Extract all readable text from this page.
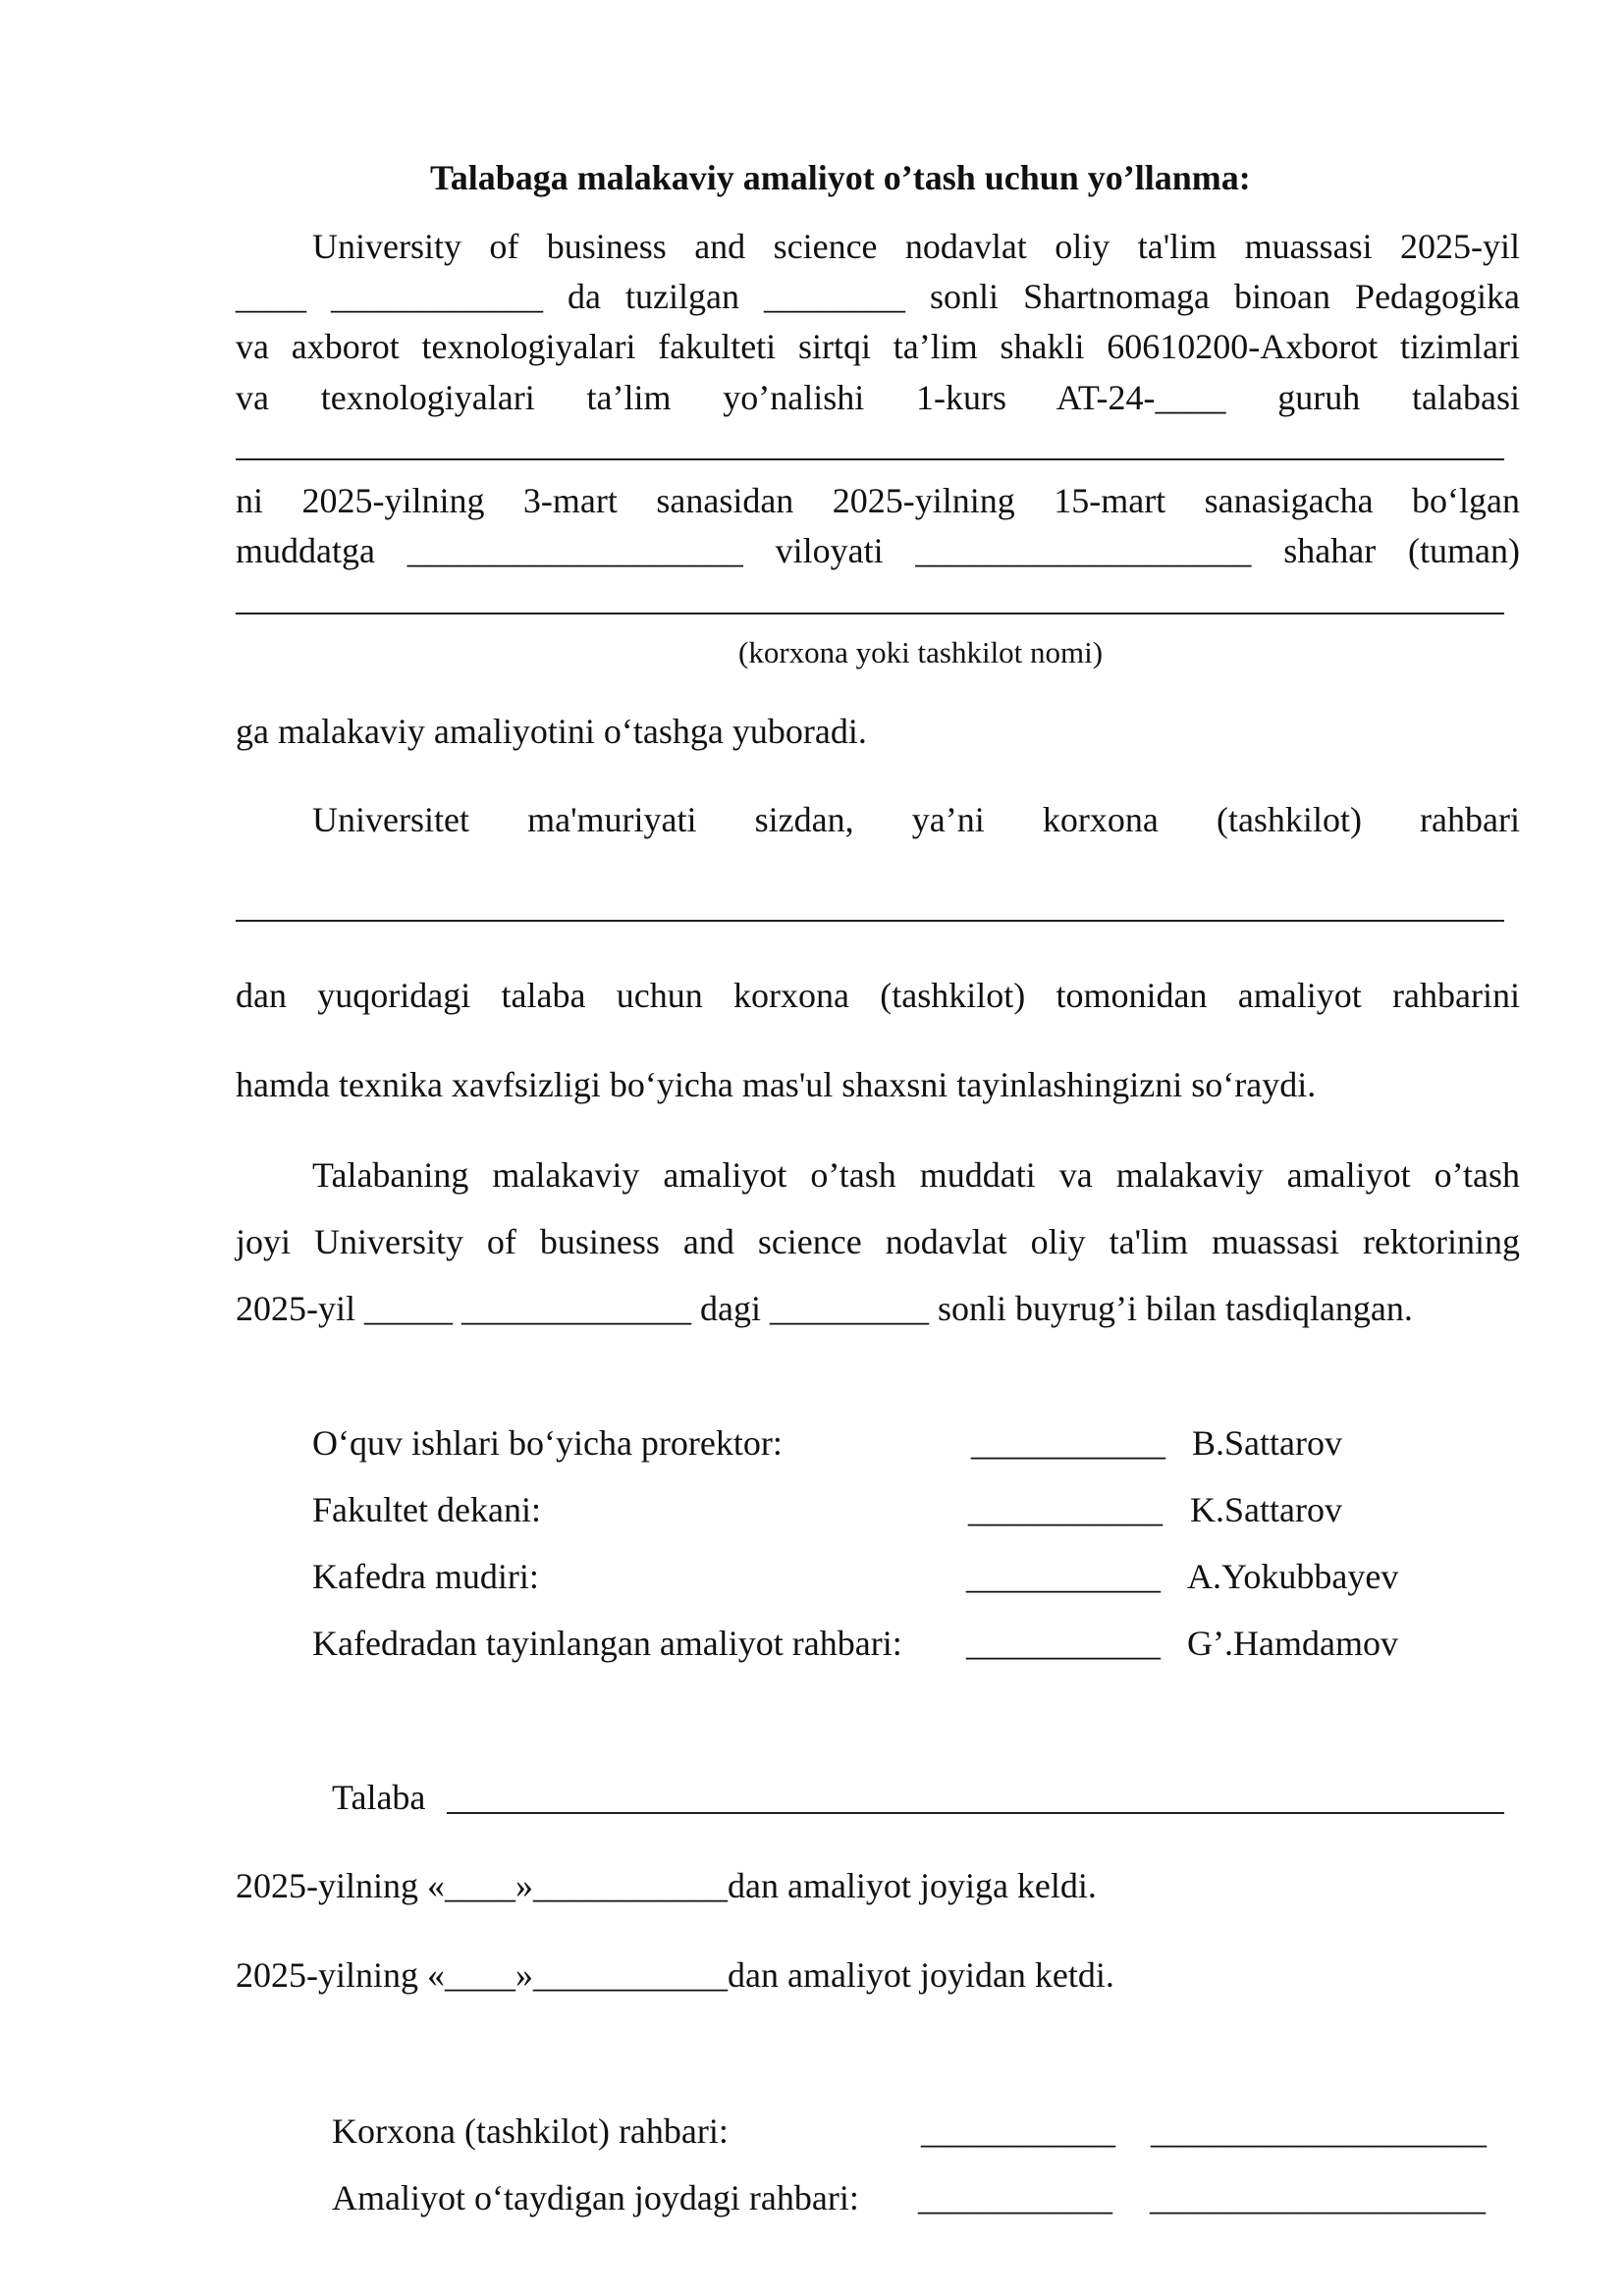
Talabaga malakaviy amaliyot o’tash uchun yo’llanma:
University of business and science nodavlat oliy ta'lim muassasi 2025-yil
____ ____________ da tuzilgan ________ sonli Shartnomaga binoan Pedagogika
va axborot texnologiyalari fakulteti sirtqi ta’lim shakli 60610200-Axborot tizimlari
va texnologiyalari ta’lim yo’nalishi 1-kurs AT-24-____ guruh talabasi
ni 2025-yilning 3-mart sanasidan 2025-yilning 15-mart sanasigacha bo‘lgan
muddatga ___________________ viloyati ___________________ shahar (tuman)
(korxona yoki tashkilot nomi)
ga malakaviy amaliyotini o‘tashga yuboradi.
Universitet ma'muriyati sizdan, ya’ni korxona (tashkilot) rahbari
dan yuqoridagi talaba uchun korxona (tashkilot) tomonidan amaliyot rahbarini
hamda texnika xavfsizligi bo‘yicha mas'ul shaxsni tayinlashingizni so‘raydi.
Talabaning malakaviy amaliyot o’tash muddati va malakaviy amaliyot o’tash
joyi University of business and science nodavlat oliy ta'lim muassasi rektorining
2025-yil _____ _____________ dagi _________ sonli buyrug’i bilan tasdiqlangan.
O‘quv ishlari bo‘yicha prorektor:	___________ B.Sattarov
Fakultet dekani:	___________ K.Sattarov
Kafedra mudiri:	___________ A.Yokubbayev
Kafedradan tayinlangan amaliyot rahbari: ___________ G’.Hamdamov
Talaba
2025-yilning «____»___________dan amaliyot joyiga keldi.
2025-yilning «____»___________dan amaliyot joyidan ketdi.
Korxona (tashkilot) rahbari:	___________ ___________________
Amaliyot o‘taydigan joydagi rahbari: ___________ ___________________
